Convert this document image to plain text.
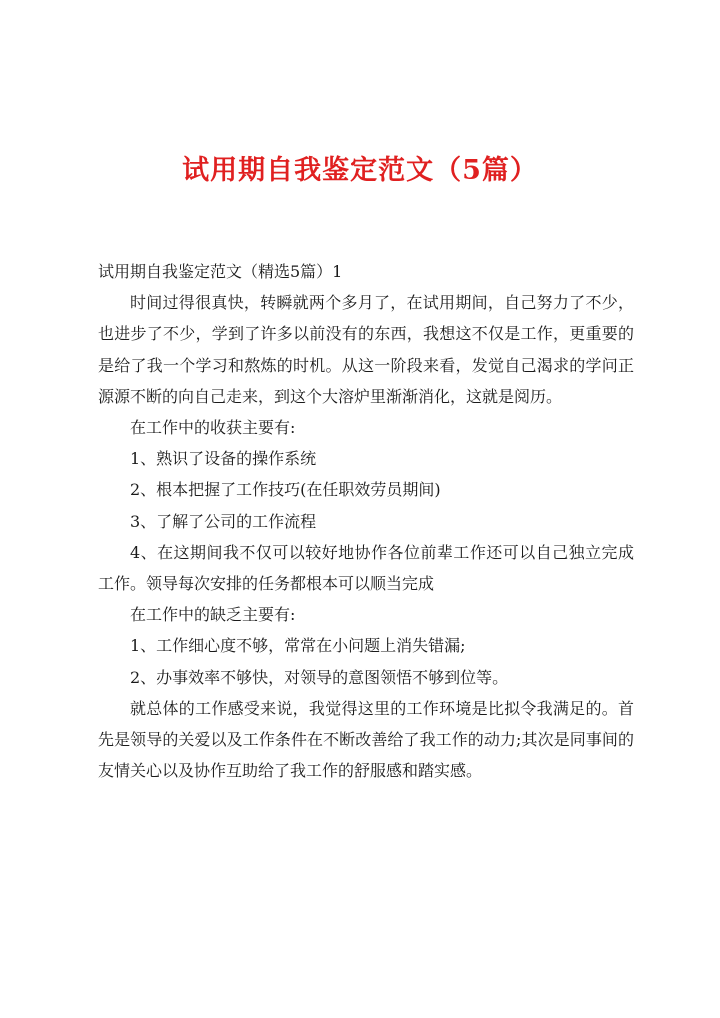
试用期自我鉴定范文（5篇）

试用期自我鉴定范文（精选5篇）1

时间过得很真快，转瞬就两个多月了，在试用期间，自己努力了不少，也进步了不少，学到了许多以前没有的东西，我想这不仅是工作，更重要的是给了我一个学习和熬炼的时机。从这一阶段来看，发觉自己渴求的学问正源源不断的向自己走来，到这个大溶炉里渐渐消化，这就是阅历。

在工作中的收获主要有:

1、熟识了设备的操作系统

2、根本把握了工作技巧(在任职效劳员期间)

3、了解了公司的工作流程

4、在这期间我不仅可以较好地协作各位前辈工作还可以自己独立完成工作。领导每次安排的任务都根本可以顺当完成

在工作中的缺乏主要有:

1、工作细心度不够，常常在小问题上消失错漏;

2、办事效率不够快，对领导的意图领悟不够到位等。

就总体的工作感受来说，我觉得这里的工作环境是比拟令我满足的。首先是领导的关爱以及工作条件在不断改善给了我工作的动力;其次是同事间的友情关心以及协作互助给了我工作的舒服感和踏实感。
